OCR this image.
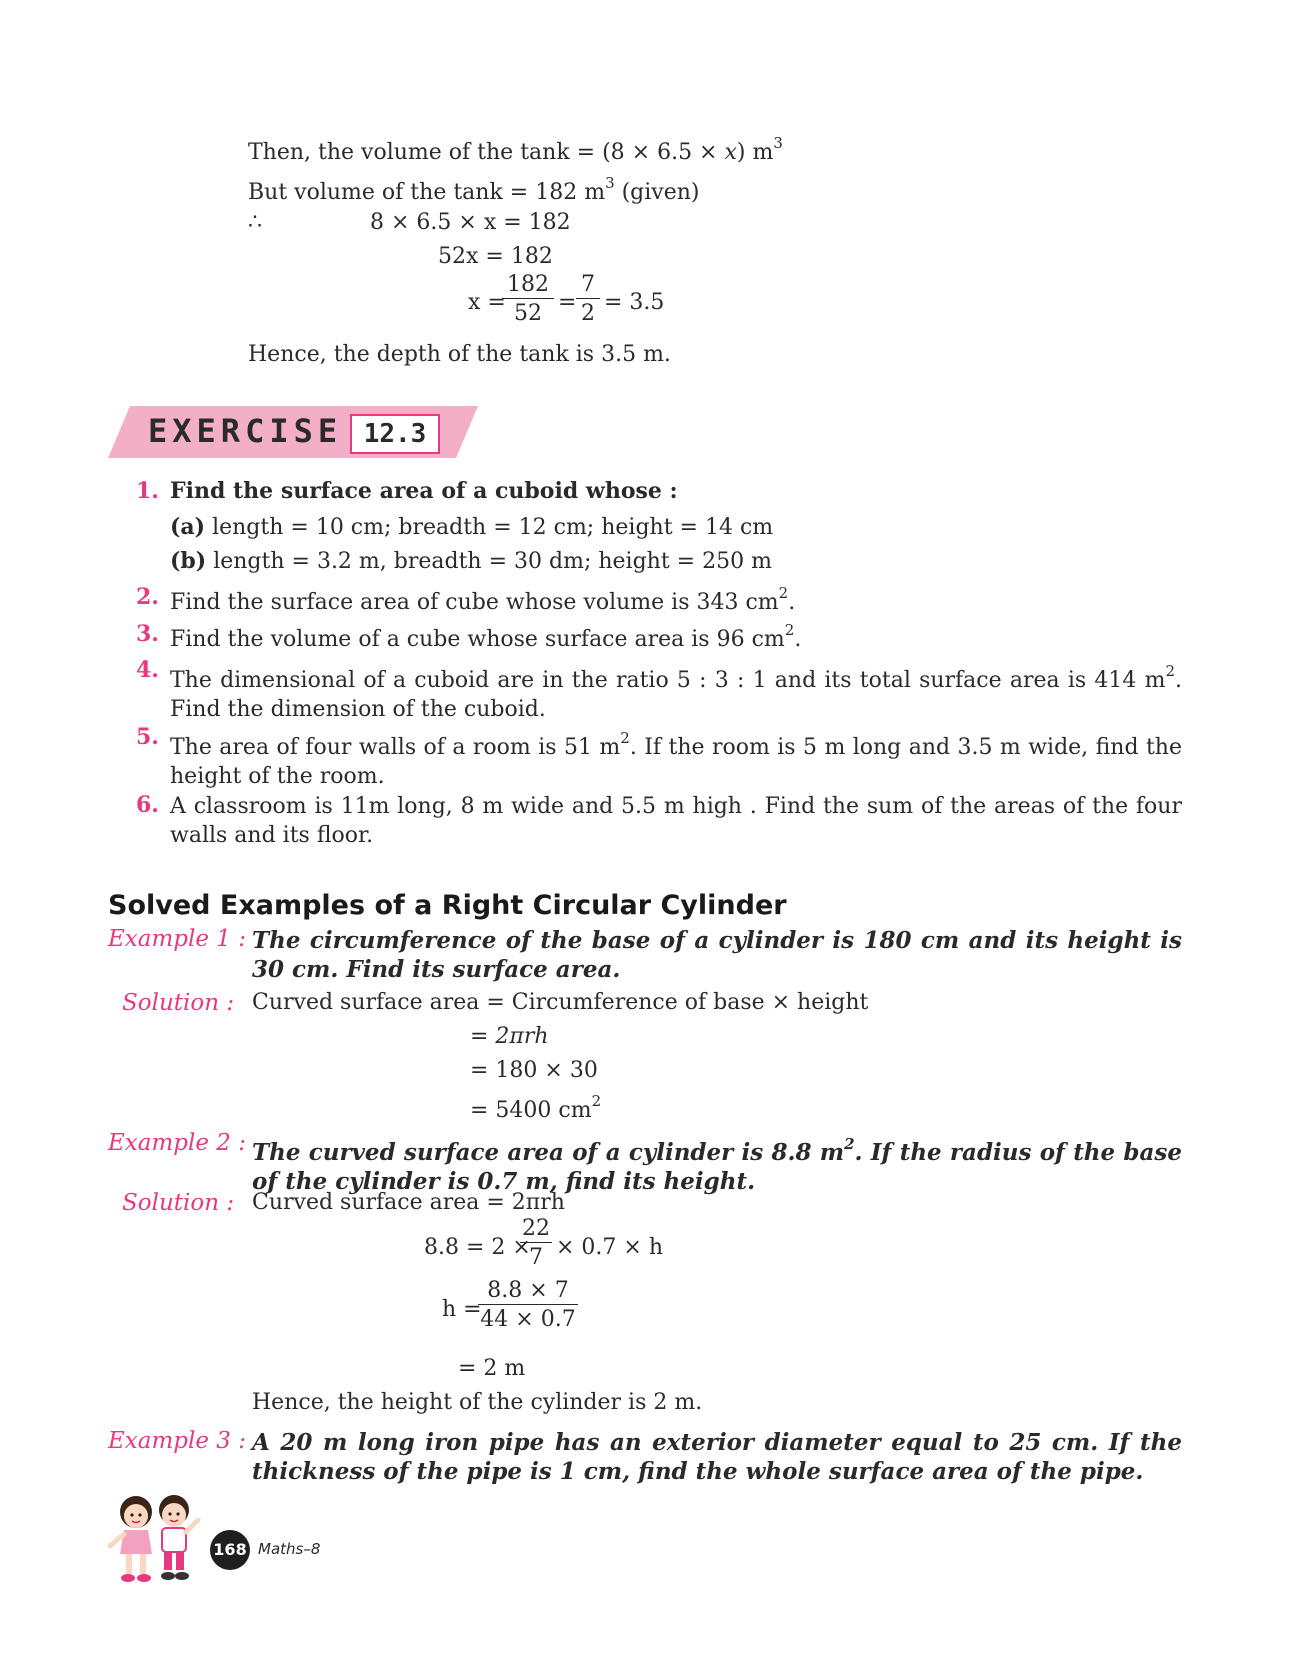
Then, the volume of the tank = (8 × 6.5 × x) $m^3$
But volume of the tank = 182 $m^3$ (given)
∴	8 × 6.5 × x = 182
52x = 182
x =
$\frac{182}{52} = \frac{7}{2} = 3.5$
Hence, the depth of the tank is 3.5 m.
EXERCISE 12.3
1. Find the surface area of a cuboid whose :
(a) length = 10 cm; breadth = 12 cm; height = 14 cm
(b) length = 3.2 m, breadth = 30 dm; height = 250 m
2. Find the surface area of cube whose volume is 343 $cm^2$.
3. Find the volume of a cube whose surface area is 96 $cm^2$.
4. The dimensional of a cuboid are in the ratio 5 : 3 : 1 and its total surface area is 414 $m^2$. Find the dimension of the cuboid.
5. The area of four walls of a room is 51 $m^2$. If the room is 5 m long and 3.5 m wide, find the height of the room.
6. A classroom is 11m long, 8 m wide and 5.5 m high . Find the sum of the areas of the four walls and its floor.
Solved Examples of a Right Circular Cylinder
Example 1 : The circumference of the base of a cylinder is 180 cm and its height is 30 cm. Find its surface area.
Solution : Curved surface area = Circumference of base × height
= 2πrh
= 180 × 30
= 5400 $cm^2$
Example 2 : The curved surface area of a cylinder is 8.8 $m^2$. If the radius of the base of the cylinder is 0.7 m, find its height.
Solution : Curved surface area = 2πrh
8.8 = 2 ×
$\frac{22}{7} \times 0.7 \times h$
h =
$\frac{8.8 \times 7}{44 \times 0.7}$
= 2 m
Hence, the height of the cylinder is 2 m.
Example 3 : A 20 m long iron pipe has an exterior diameter equal to 25 cm. If the thickness of the pipe is 1 cm, find the whole surface area of the pipe.
168 Maths–8
